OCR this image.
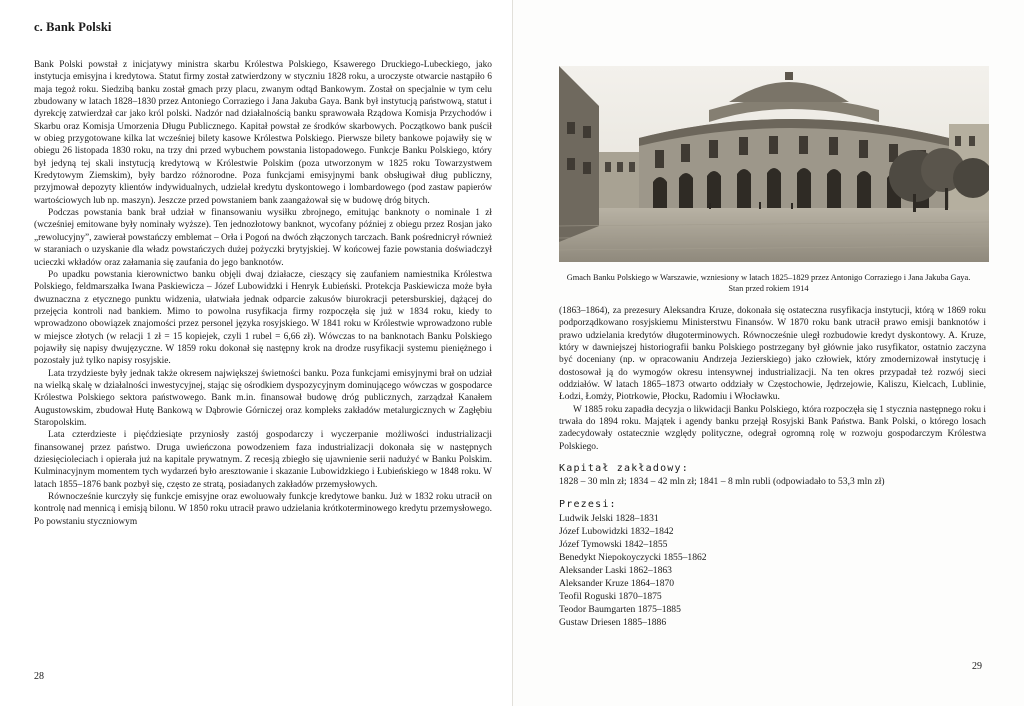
c. Bank Polski

Bank Polski powstał z inicjatywy ministra skarbu Królestwa Polskiego, Ksawerego Druckiego-Lubeckiego, jako instytucja emisyjna i kredytowa. Statut firmy został zatwierdzony w styczniu 1828 roku, a uroczyste otwarcie nastąpiło 6 maja tegoż roku. Siedzibą banku został gmach przy placu, zwanym odtąd Bankowym. Został on specjalnie w tym celu zbudowany w latach 1828–1830 przez Antoniego Corraziego i Jana Jakuba Gaya. Bank był instytucją państwową, statut i dyrekcję zatwierdzał car jako król polski. Nadzór nad działalnością banku sprawowała Rządowa Komisja Przychodów i Skarbu oraz Komisja Umorzenia Długu Publicznego. Kapitał powstał ze środków skarbowych. Początkowo bank puścił w obieg przygotowane kilka lat wcześniej bilety kasowe Królestwa Polskiego. Pierwsze bilety bankowe pojawiły się w obiegu 26 listopada 1830 roku, na trzy dni przed wybuchem powstania listopadowego. Funkcje Banku Polskiego, który był jedyną tej skali instytucją kredytową w Królestwie Polskim (poza utworzonym w 1825 roku Towarzystwem Kredytowym Ziemskim), były bardzo różnorodne. Poza funkcjami emisyjnymi bank obsługiwał dług publiczny, przyjmował depozyty klientów indywidualnych, udzielał kredytu dyskontowego i lombardowego (pod zastaw papierów wartościowych lub np. maszyn). Jeszcze przed powstaniem bank zaangażował się w budowę dróg bitych.

Podczas powstania bank brał udział w finansowaniu wysiłku zbrojnego, emitując banknoty o nominale 1 zł (wcześniej emitowane były nominały wyższe). Ten jednozłotowy banknot, wycofany później z obiegu przez Rosjan jako „rewolucyjny”, zawierał powstańczy emblemat – Orła i Pogoń na dwóch złączonych tarczach. Bank pośrednicrył również w staraniach o uzyskanie dla władz powstańczych dużej pożyczki brytyjskiej. W końcowej fazie powstania doświadczył ucieczki wkładów oraz załamania się zaufania do jego banknotów.

Po upadku powstania kierownictwo banku objęli dwaj działacze, cieszący się zaufaniem namiestnika Królestwa Polskiego, feldmarszałka Iwana Paskiewicza – Józef Lubowidzki i Henryk Łubieński. Protekcja Paskiewicza może była dwuznaczna z etycznego punktu widzenia, ułatwiała jednak odparcie zakusów biurokracji petersburskiej, dążącej do przejęcia kontroli nad bankiem. Mimo to powolna rusyfikacja firmy rozpoczęła się już w 1834 roku, kiedy to wprowadzono obowiązek znajomości przez personel języka rosyjskiego. W 1841 roku w Królestwie wprowadzono ruble w miejsce złotych (w relacji 1 zł = 15 kopiejek, czyli 1 rubel = 6,66 zł). Wówczas to na banknotach Banku Polskiego pojawiły się napisy dwujęzyczne. W 1859 roku dokonał się następny krok na drodze rusyfikacji systemu pieniężnego i pozostały już tylko napisy rosyjskie.

Lata trzydzieste były jednak także okresem największej świetności banku. Poza funkcjami emisyjnymi brał on udział na wielką skalę w działalności inwestycyjnej, stając się ośrodkiem dyspozycyjnym dominującego wówczas w gospodarce Królestwa Polskiego sektora państwowego. Bank m.in. finansował budowę dróg publicznych, zarządzał Kanałem Augustowskim, zbudował Hutę Bankową w Dąbrowie Górniczej oraz kompleks zakładów metalurgicznych w Zagłębiu Staropolskim.

Lata czterdzieste i pięćdziesiąte przyniosły zastój gospodarczy i wyczerpanie możliwości industrializacji finansowanej przez państwo. Druga uwieńczona powodzeniem faza industrializacji dokonała się w następnych dziesięcioleciach i opierała już na kapitale prywatnym. Z recesją zbiegło się ujawnienie serii nadużyć w Banku Polskim. Kulminacyjnym momentem tych wydarzeń było aresztowanie i skazanie Lubowidzkiego i Łubieńskiego w 1848 roku. W latach 1855–1876 bank pozbył się, często ze stratą, posiadanych zakładów przemysłowych.

Równocześnie kurczyły się funkcje emisyjne oraz ewoluowały funkcje kredytowe banku. Już w 1832 roku utracił on kontrolę nad mennicą i emisją bilonu. W 1850 roku utracił prawo udzielania krótkoterminowego kredytu przemysłowego. Po powstaniu styczniowym

28
Gmach Banku Polskiego w Warszawie, wzniesiony w latach 1825–1829 przez Antonigo Corraziego i Jana Jakuba Gaya. Stan przed rokiem 1914

(1863–1864), za prezesury Aleksandra Kruze, dokonała się ostateczna rusyfikacja instytucji, którą w 1869 roku podporządkowano rosyjskiemu Ministerstwu Finansów. W 1870 roku bank utracił prawo emisji banknotów i prawo udzielania kredytów długoterminowych. Równocześnie uległ rozbudowie kredyt dyskontowy. A. Kruze, który w dawniejszej historiografii banku Polskiego postrzegany był głównie jako rusyfikator, ostatnio zaczyna być doceniany (np. w opracowaniu Andrzeja Jezierskiego) jako człowiek, który zmodernizował instytucję i dostosował ją do wymogów okresu intensywnej industrializacji. Na ten okres przypadał też rozwój sieci oddziałów. W latach 1865–1873 otwarto oddziały w Częstochowie, Jędrzejowie, Kaliszu, Kielcach, Lublinie, Łodzi, Łomży, Piotrkowie, Płocku, Radomiu i Włocławku.

W 1885 roku zapadła decyzja o likwidacji Banku Polskiego, która rozpoczęła się 1 stycznia następnego roku i trwała do 1894 roku. Majątek i agendy banku przejął Rosyjski Bank Państwa. Bank Polski, o którego losach zadecydowały ostatecznie względy polityczne, odegrał ogromną rolę w rozwoju gospodarczym Królestwa Polskiego.

Kapitał zakładowy:
1828 – 30 mln zł; 1834 – 42 mln zł; 1841 – 8 mln rubli (odpowiadało to 53,3 mln zł)
Prezesi:
Ludwik Jelski 1828–1831
Józef Lubowidzki 1832–1842
Józef Tymowski 1842–1855
Benedykt Niepokoyczycki 1855–1862
Aleksander Laski 1862–1863
Aleksander Kruze 1864–1870
Teofil Roguski 1870–1875
Teodor Baumgarten 1875–1885
Gustaw Driesen 1885–1886
29
